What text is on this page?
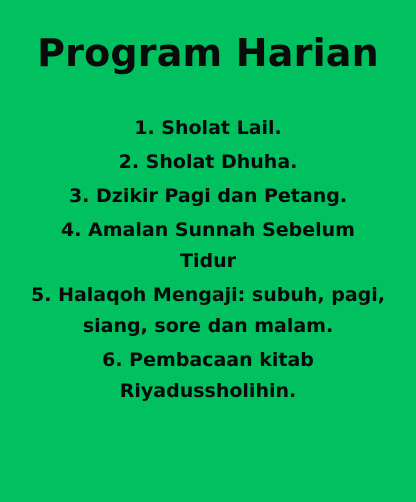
Program Harian
1. Sholat Lail.
2. Sholat Dhuha.
3. Dzikir Pagi dan Petang.
4. Amalan Sunnah Sebelum Tidur
5. Halaqoh Mengaji: subuh, pagi, siang, sore dan malam.
6. Pembacaan kitab Riyadussholihin.
